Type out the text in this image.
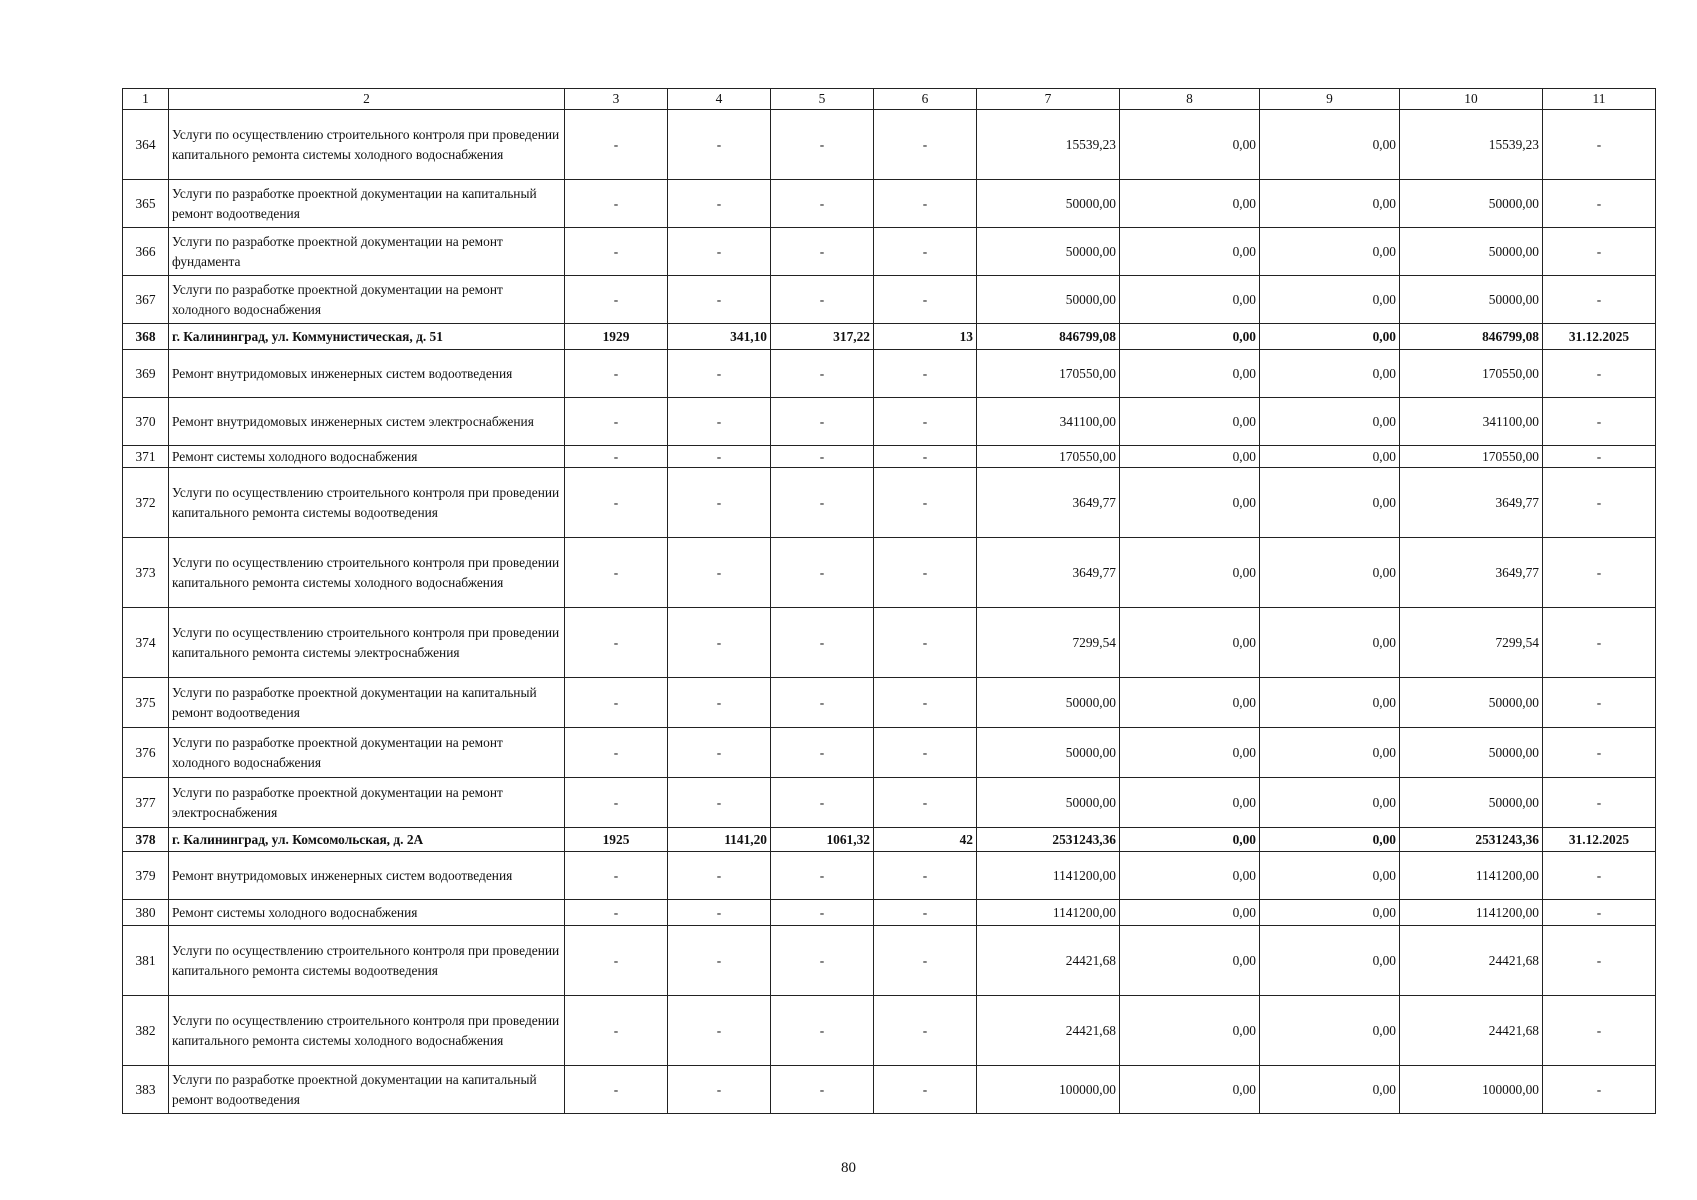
1	2	3	4	5	6	7	8	9	10	11
364	Услуги по осуществлению строительного контроля при проведении капитального ремонта системы холодного водоснабжения	-	-	-	-	15539,23	0,00	0,00	15539,23	-
365	Услуги по разработке проектной документации на капитальный ремонт водоотведения	-	-	-	-	50000,00	0,00	0,00	50000,00	-
366	Услуги по разработке проектной документации на ремонт фундамента	-	-	-	-	50000,00	0,00	0,00	50000,00	-
367	Услуги по разработке проектной документации на ремонт холодного водоснабжения	-	-	-	-	50000,00	0,00	0,00	50000,00	-
368	г. Калининград, ул. Коммунистическая, д. 51	1929	341,10	317,22	13	846799,08	0,00	0,00	846799,08	31.12.2025
369	Ремонт внутридомовых инженерных систем водоотведения	-	-	-	-	170550,00	0,00	0,00	170550,00	-
370	Ремонт внутридомовых инженерных систем электроснабжения	-	-	-	-	341100,00	0,00	0,00	341100,00	-
371	Ремонт системы холодного водоснабжения	-	-	-	-	170550,00	0,00	0,00	170550,00	-
372	Услуги по осуществлению строительного контроля при проведении капитального ремонта системы водоотведения	-	-	-	-	3649,77	0,00	0,00	3649,77	-
373	Услуги по осуществлению строительного контроля при проведении капитального ремонта системы холодного водоснабжения	-	-	-	-	3649,77	0,00	0,00	3649,77	-
374	Услуги по осуществлению строительного контроля при проведении капитального ремонта системы электроснабжения	-	-	-	-	7299,54	0,00	0,00	7299,54	-
375	Услуги по разработке проектной документации на капитальный ремонт водоотведения	-	-	-	-	50000,00	0,00	0,00	50000,00	-
376	Услуги по разработке проектной документации на ремонт холодного водоснабжения	-	-	-	-	50000,00	0,00	0,00	50000,00	-
377	Услуги по разработке проектной документации на ремонт электроснабжения	-	-	-	-	50000,00	0,00	0,00	50000,00	-
378	г. Калининград, ул. Комсомольская, д. 2А	1925	1141,20	1061,32	42	2531243,36	0,00	0,00	2531243,36	31.12.2025
379	Ремонт внутридомовых инженерных систем водоотведения	-	-	-	-	1141200,00	0,00	0,00	1141200,00	-
380	Ремонт системы холодного водоснабжения	-	-	-	-	1141200,00	0,00	0,00	1141200,00	-
381	Услуги по осуществлению строительного контроля при проведении капитального ремонта системы водоотведения	-	-	-	-	24421,68	0,00	0,00	24421,68	-
382	Услуги по осуществлению строительного контроля при проведении капитального ремонта системы холодного водоснабжения	-	-	-	-	24421,68	0,00	0,00	24421,68	-
383	Услуги по разработке проектной документации на капитальный ремонт водоотведения	-	-	-	-	100000,00	0,00	0,00	100000,00	-
80
